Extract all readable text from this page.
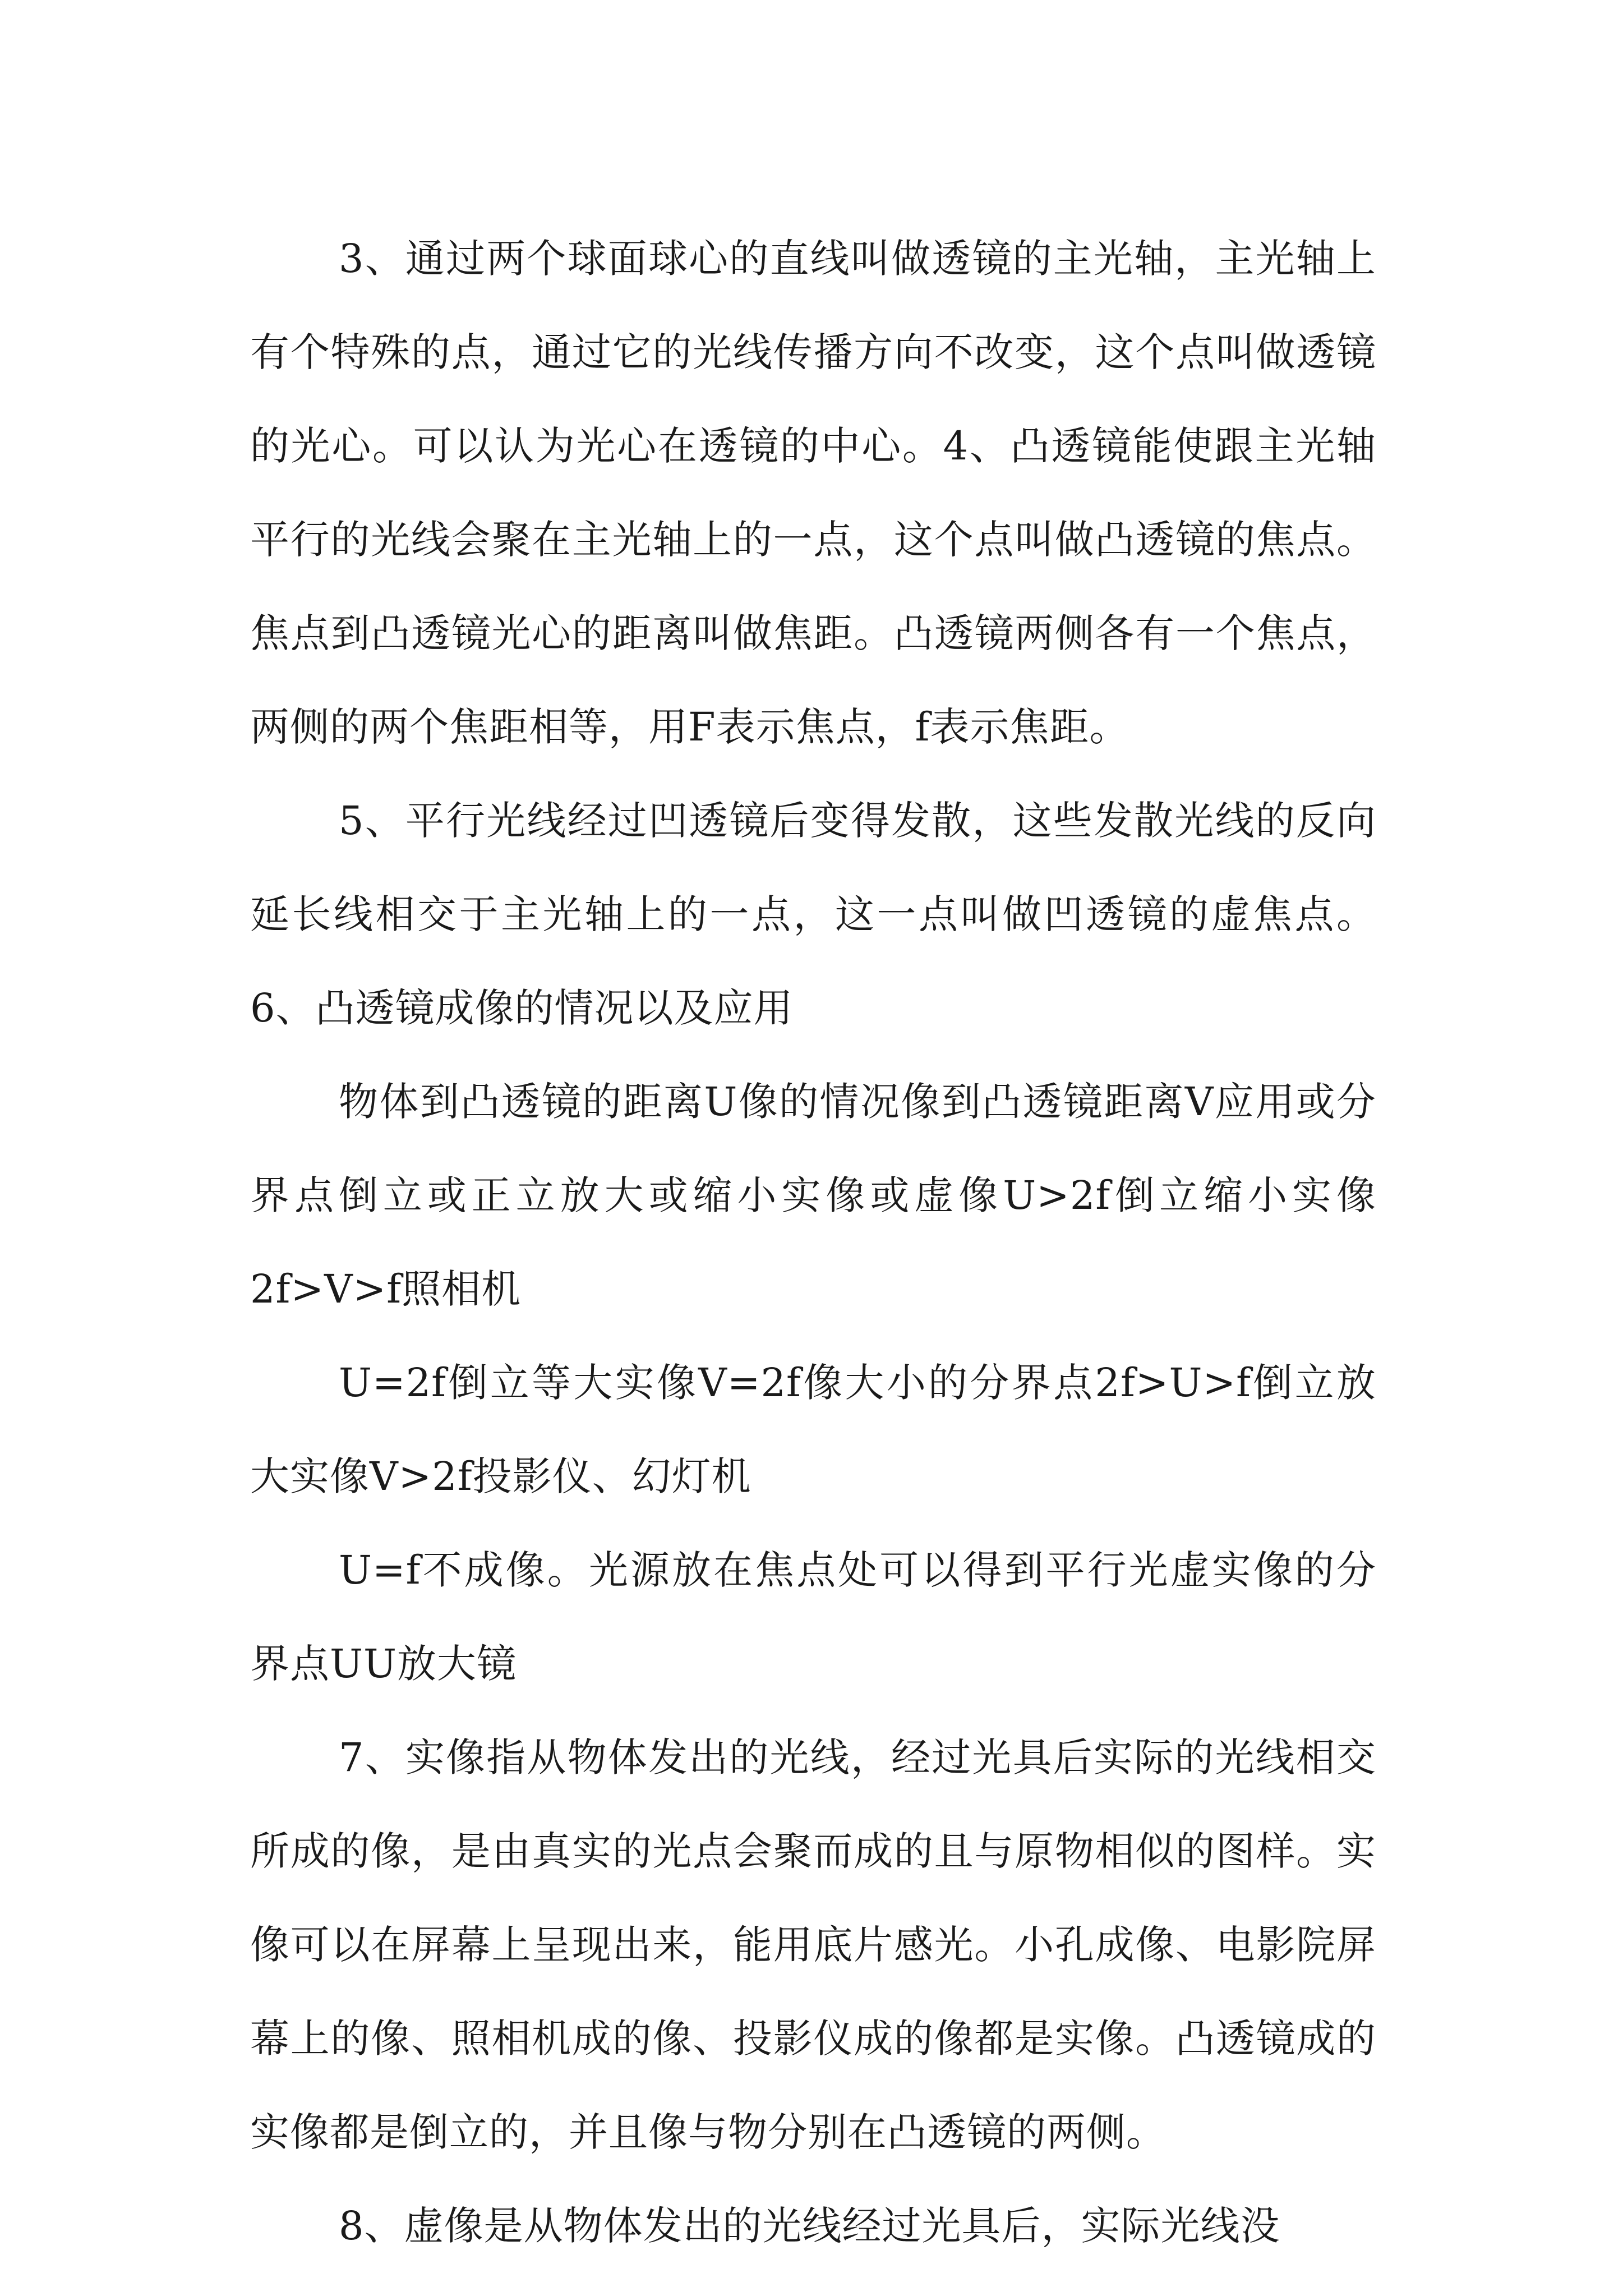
3、通过两个球面球心的直线叫做透镜的主光轴，主光轴上有个特殊的点，通过它的光线传播方向不改变，这个点叫做透镜的光心。可以认为光心在透镜的中心。4、凸透镜能使跟主光轴平行的光线会聚在主光轴上的一点，这个点叫做凸透镜的焦点。焦点到凸透镜光心的距离叫做焦距。凸透镜两侧各有一个焦点，两侧的两个焦距相等，用F表示焦点，f表示焦距。

5、平行光线经过凹透镜后变得发散，这些发散光线的反向延长线相交于主光轴上的一点，这一点叫做凹透镜的虚焦点。6、凸透镜成像的情况以及应用

物体到凸透镜的距离U像的情况像到凸透镜距离V应用或分界点倒立或正立放大或缩小实像或虚像U>2f倒立缩小实像2f>V>f照相机

U=2f倒立等大实像V=2f像大小的分界点2f>U>f倒立放大实像V>2f投影仪、幻灯机

U=f不成像。光源放在焦点处可以得到平行光虚实像的分界点UU放大镜

7、实像指从物体发出的光线，经过光具后实际的光线相交所成的像，是由真实的光点会聚而成的且与原物相似的图样。实像可以在屏幕上呈现出来，能用底片感光。小孔成像、电影院屏幕上的像、照相机成的像、投影仪成的像都是实像。凸透镜成的实像都是倒立的，并且像与物分别在凸透镜的两侧。

8、虚像是从物体发出的光线经过光具后，实际光线没
